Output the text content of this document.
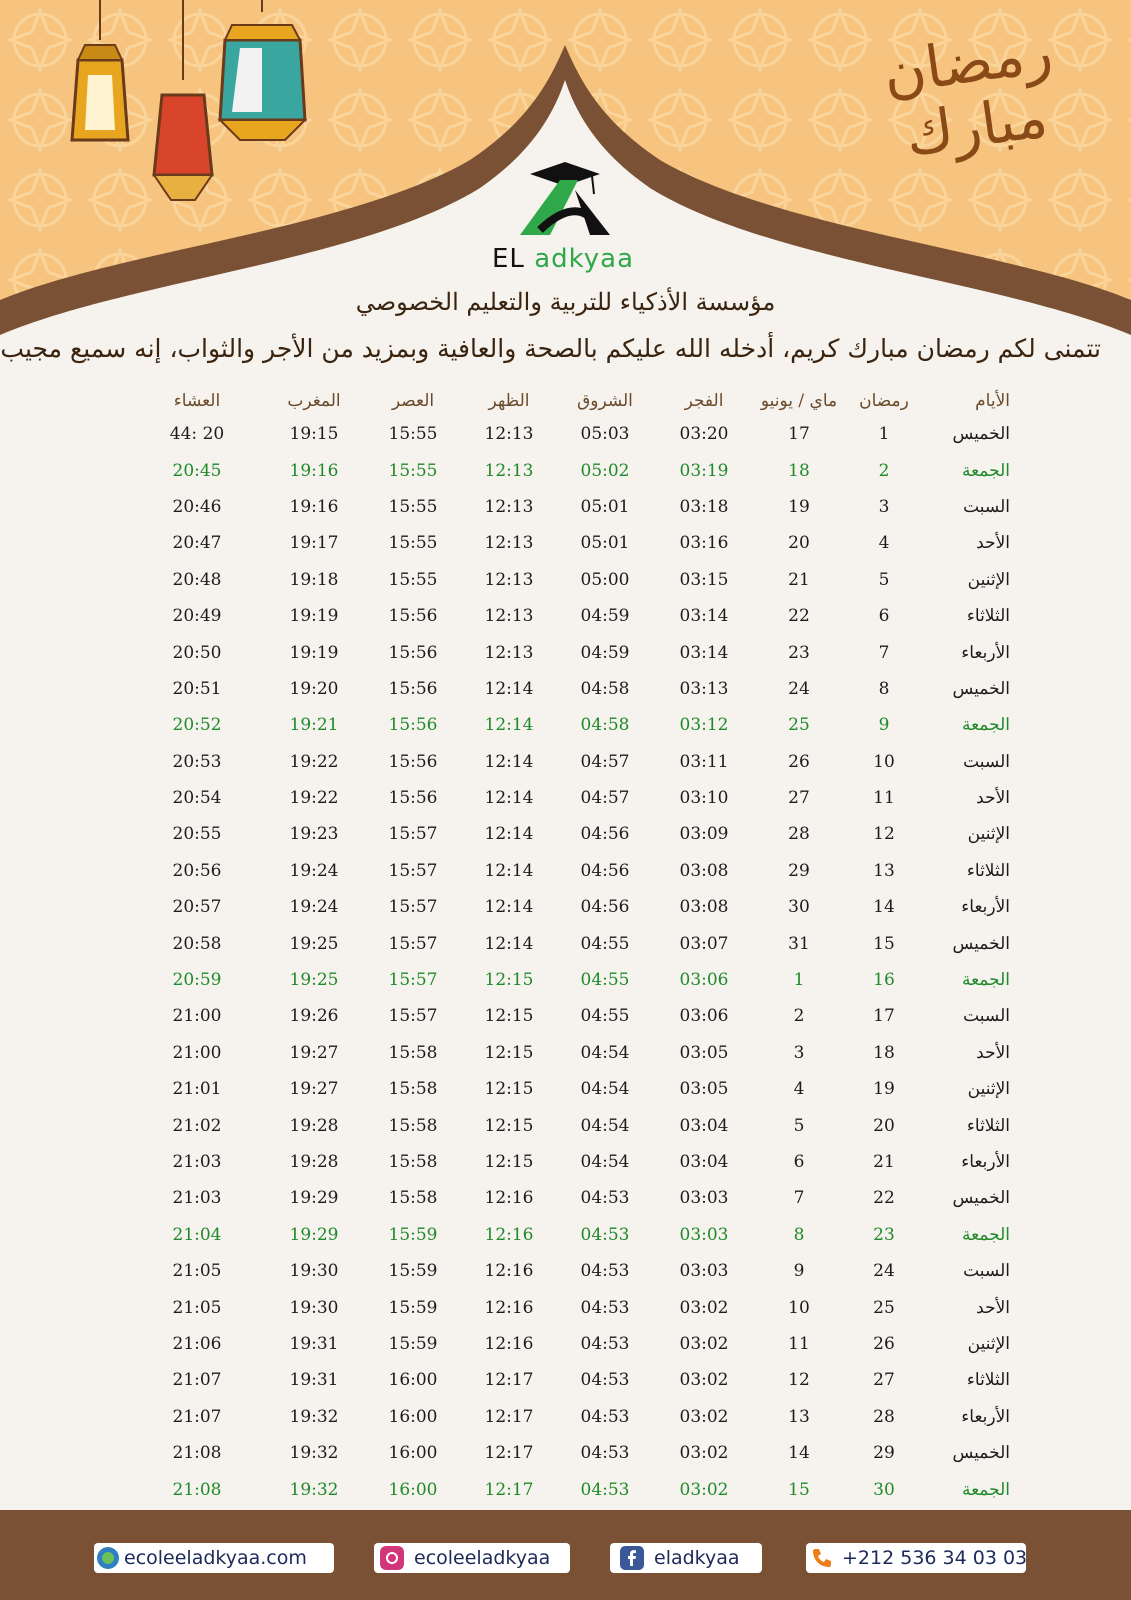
رمضان
مبارك
EL adkyaa
مؤسسة الأذكياء للتربية والتعليم الخصوصي
تتمنى لكم رمضان مبارك كريم، أدخله الله عليكم بالصحة والعافية وبمزيد من الأجر والثواب، إنه سميع مجيب
الأيام	رمضان	ماي / يونيو	الفجر	الشروق	الظهر	العصر	المغرب	العشاء
الخميس	1	17	03:20	05:03	12:13	15:55	19:15	20 :44
الجمعة	2	18	03:19	05:02	12:13	15:55	19:16	20:45
السبت	3	19	03:18	05:01	12:13	15:55	19:16	20:46
الأحد	4	20	03:16	05:01	12:13	15:55	19:17	20:47
الإثنين	5	21	03:15	05:00	12:13	15:55	19:18	20:48
الثلاثاء	6	22	03:14	04:59	12:13	15:56	19:19	20:49
الأربعاء	7	23	03:14	04:59	12:13	15:56	19:19	20:50
الخميس	8	24	03:13	04:58	12:14	15:56	19:20	20:51
الجمعة	9	25	03:12	04:58	12:14	15:56	19:21	20:52
السبت	10	26	03:11	04:57	12:14	15:56	19:22	20:53
الأحد	11	27	03:10	04:57	12:14	15:56	19:22	20:54
الإثنين	12	28	03:09	04:56	12:14	15:57	19:23	20:55
الثلاثاء	13	29	03:08	04:56	12:14	15:57	19:24	20:56
الأربعاء	14	30	03:08	04:56	12:14	15:57	19:24	20:57
الخميس	15	31	03:07	04:55	12:14	15:57	19:25	20:58
الجمعة	16	1	03:06	04:55	12:15	15:57	19:25	20:59
السبت	17	2	03:06	04:55	12:15	15:57	19:26	21:00
الأحد	18	3	03:05	04:54	12:15	15:58	19:27	21:00
الإثنين	19	4	03:05	04:54	12:15	15:58	19:27	21:01
الثلاثاء	20	5	03:04	04:54	12:15	15:58	19:28	21:02
الأربعاء	21	6	03:04	04:54	12:15	15:58	19:28	21:03
الخميس	22	7	03:03	04:53	12:16	15:58	19:29	21:03
الجمعة	23	8	03:03	04:53	12:16	15:59	19:29	21:04
السبت	24	9	03:03	04:53	12:16	15:59	19:30	21:05
الأحد	25	10	03:02	04:53	12:16	15:59	19:30	21:05
الإثنين	26	11	03:02	04:53	12:16	15:59	19:31	21:06
الثلاثاء	27	12	03:02	04:53	12:17	16:00	19:31	21:07
الأربعاء	28	13	03:02	04:53	12:17	16:00	19:32	21:07
الخميس	29	14	03:02	04:53	12:17	16:00	19:32	21:08
الجمعة	30	15	03:02	04:53	12:17	16:00	19:32	21:08
ecoleeladkyaa.com	ecoleeladkyaa	eladkyaa	+212 536 34 03 03
